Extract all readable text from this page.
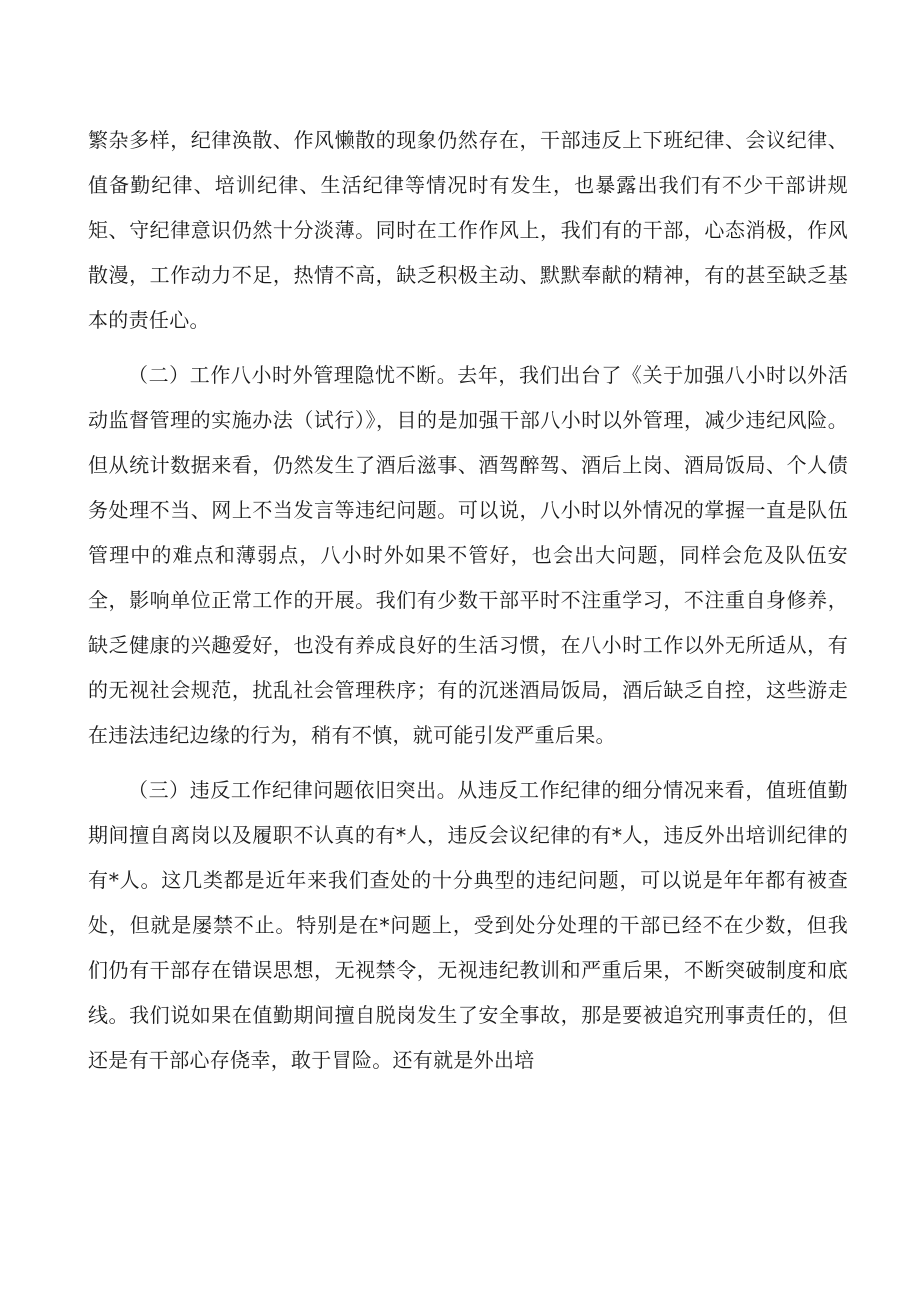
繁杂多样，纪律涣散、作风懒散的现象仍然存在，干部违反上下班纪律、会议纪律、值备勤纪律、培训纪律、生活纪律等情况时有发生，也暴露出我们有不少干部讲规矩、守纪律意识仍然十分淡薄。同时在工作作风上，我们有的干部，心态消极，作风散漫，工作动力不足，热情不高，缺乏积极主动、默默奉献的精神，有的甚至缺乏基本的责任心。

（二）工作八小时外管理隐忧不断。去年，我们出台了《关于加强八小时以外活动监督管理的实施办法（试行）》，目的是加强干部八小时以外管理，减少违纪风险。但从统计数据来看，仍然发生了酒后滋事、酒驾醉驾、酒后上岗、酒局饭局、个人债务处理不当、网上不当发言等违纪问题。可以说，八小时以外情况的掌握一直是队伍管理中的难点和薄弱点，八小时外如果不管好，也会出大问题，同样会危及队伍安全，影响单位正常工作的开展。我们有少数干部平时不注重学习，不注重自身修养，缺乏健康的兴趣爱好，也没有养成良好的生活习惯，在八小时工作以外无所适从，有的无视社会规范，扰乱社会管理秩序；有的沉迷酒局饭局，酒后缺乏自控，这些游走在违法违纪边缘的行为，稍有不慎，就可能引发严重后果。

（三）违反工作纪律问题依旧突出。从违反工作纪律的细分情况来看，值班值勤期间擅自离岗以及履职不认真的有*人，违反会议纪律的有*人，违反外出培训纪律的有*人。这几类都是近年来我们查处的十分典型的违纪问题，可以说是年年都有被查处，但就是屡禁不止。特别是在*问题上，受到处分处理的干部已经不在少数，但我们仍有干部存在错误思想，无视禁令，无视违纪教训和严重后果，不断突破制度和底线。我们说如果在值勤期间擅自脱岗发生了安全事故，那是要被追究刑事责任的，但还是有干部心存侥幸，敢于冒险。还有就是外出培
